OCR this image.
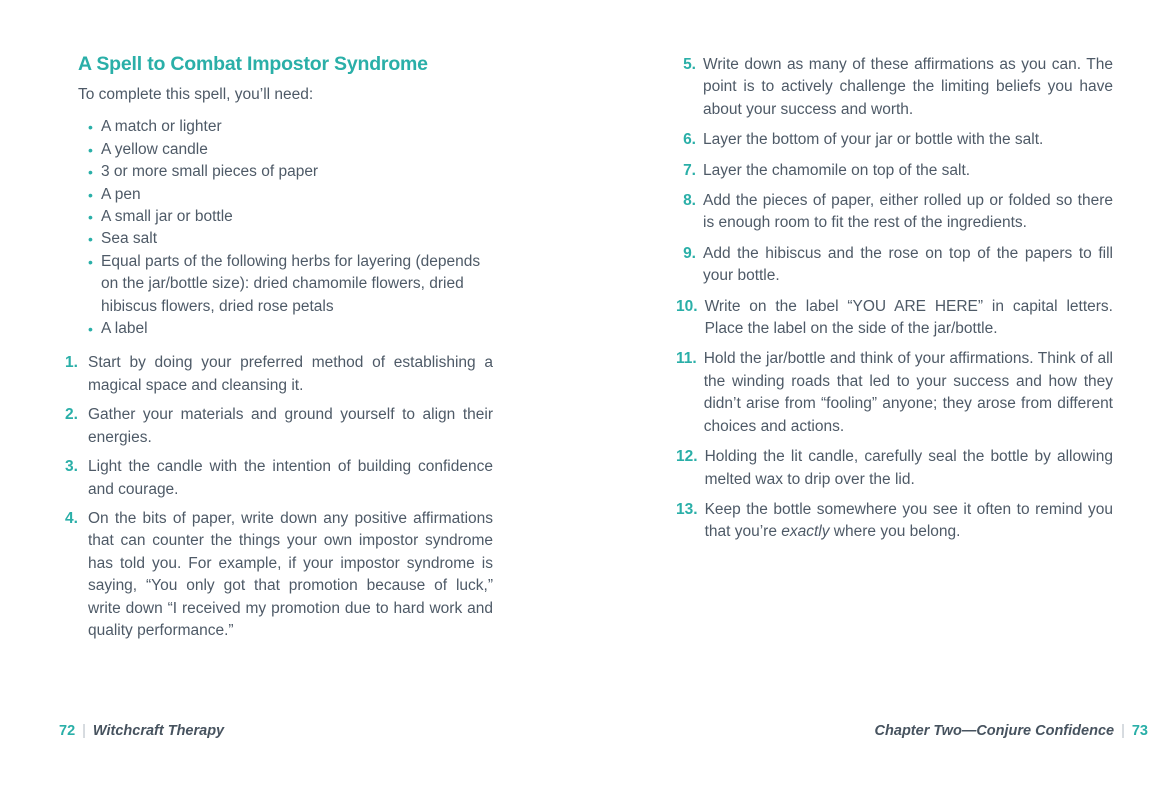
A Spell to Combat Impostor Syndrome

To complete this spell, you’ll need:

• A match or lighter
• A yellow candle
• 3 or more small pieces of paper
• A pen
• A small jar or bottle
• Sea salt
• Equal parts of the following herbs for layering (depends on the jar/bottle size): dried chamomile flowers, dried hibiscus flowers, dried rose petals
• A label
1. Start by doing your preferred method of establishing a magical space and cleansing it.

2. Gather your materials and ground yourself to align their energies.

3. Light the candle with the intention of building confidence and courage.

4. On the bits of paper, write down any positive affirmations that can counter the things your own impostor syndrome has told you. For example, if your impostor syndrome is saying, “You only got that promotion because of luck,” write down “I received my promotion due to hard work and quality performance.”

5. Write down as many of these affirmations as you can. The point is to actively challenge the limiting beliefs you have about your success and worth.

6. Layer the bottom of your jar or bottle with the salt.

7. Layer the chamomile on top of the salt.

8. Add the pieces of paper, either rolled up or folded so there is enough room to fit the rest of the ingredients.

9. Add the hibiscus and the rose on top of the papers to fill your bottle.

10. Write on the label “YOU ARE HERE” in capital letters. Place the label on the side of the jar/bottle.

11. Hold the jar/bottle and think of your affirmations. Think of all the winding roads that led to your success and how they didn’t arise from “fooling” anyone; they arose from different choices and actions.

12. Holding the lit candle, carefully seal the bottle by allowing melted wax to drip over the lid.

13. Keep the bottle somewhere you see it often to remind you that you’re exactly where you belong.

72 | Witchcraft Therapy	Chapter Two—Conjure Confidence | 73
